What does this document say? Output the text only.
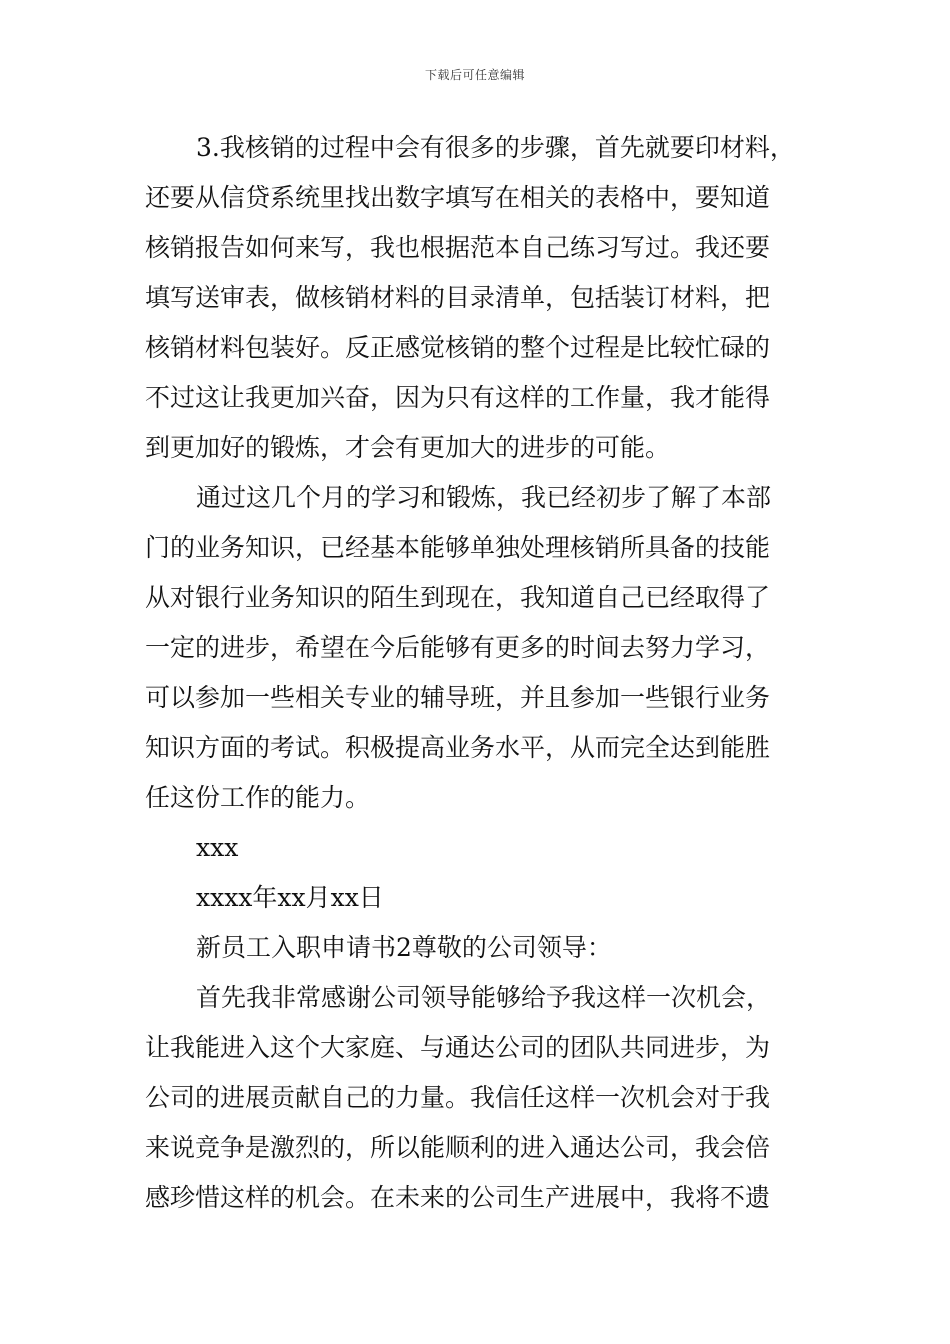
下载后可任意编辑
3.我核销的过程中会有很多的步骤，首先就要印材料，
还要从信贷系统里找出数字填写在相关的表格中，要知道
核销报告如何来写，我也根据范本自己练习写过。我还要
填写送审表，做核销材料的目录清单，包括装订材料，把
核销材料包装好。反正感觉核销的整个过程是比较忙碌的
不过这让我更加兴奋，因为只有这样的工作量，我才能得
到更加好的锻炼，才会有更加大的进步的可能。
通过这几个月的学习和锻炼，我已经初步了解了本部
门的业务知识，已经基本能够单独处理核销所具备的技能
从对银行业务知识的陌生到现在，我知道自己已经取得了
一定的进步，希望在今后能够有更多的时间去努力学习，
可以参加一些相关专业的辅导班，并且参加一些银行业务
知识方面的考试。积极提高业务水平，从而完全达到能胜
任这份工作的能力。
xxx
xxxx年xx月xx日
新员工入职申请书2尊敬的公司领导：
首先我非常感谢公司领导能够给予我这样一次机会，
让我能进入这个大家庭、与通达公司的团队共同进步，为
公司的进展贡献自己的力量。我信任这样一次机会对于我
来说竞争是激烈的，所以能顺利的进入通达公司，我会倍
感珍惜这样的机会。在未来的公司生产进展中，我将不遗
